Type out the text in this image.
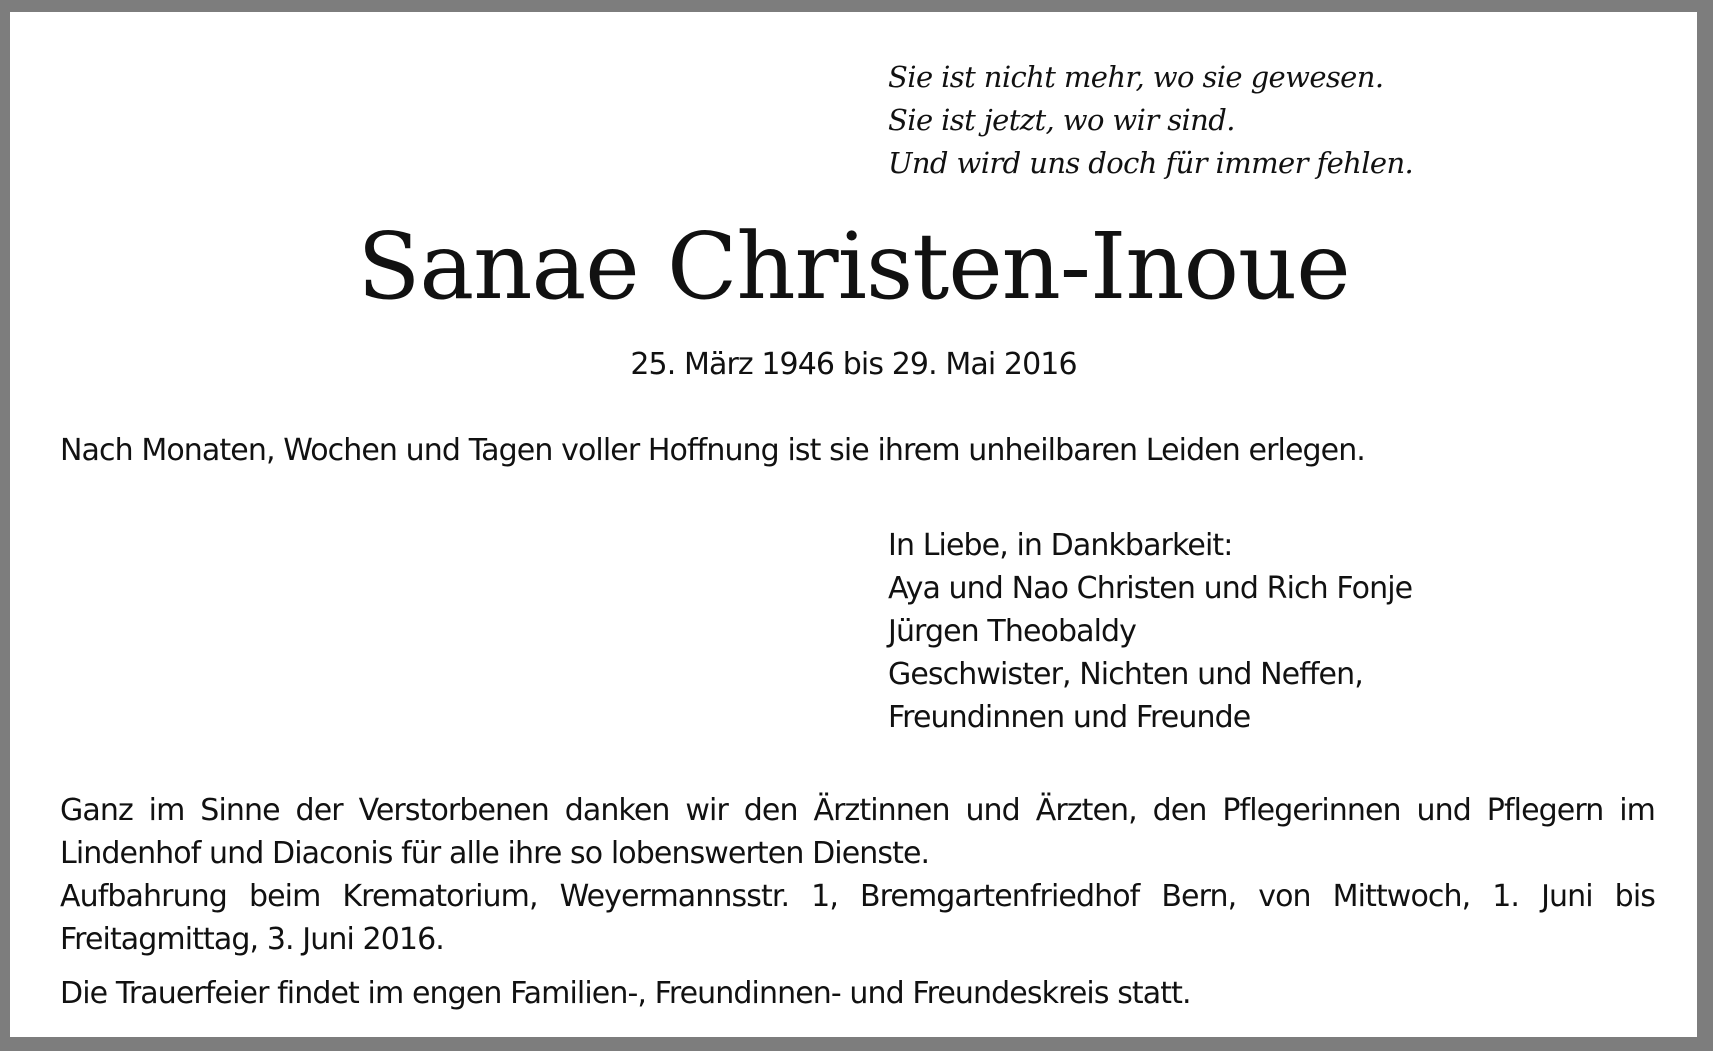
Sie ist nicht mehr, wo sie gewesen.
Sie ist jetzt, wo wir sind.
Und wird uns doch für immer fehlen.
Sanae Christen-Inoue
25. März 1946 bis 29. Mai 2016
Nach Monaten, Wochen und Tagen voller Hoffnung ist sie ihrem unheilbaren Leiden erlegen.
In Liebe, in Dankbarkeit:
Aya und Nao Christen und Rich Fonje
Jürgen Theobaldy
Geschwister, Nichten und Neffen,
Freundinnen und Freunde
Ganz im Sinne der Verstorbenen danken wir den Ärztinnen und Ärzten, den Pflegerinnen und Pflegern im Lindenhof und Diaconis für alle ihre so lobenswerten Dienste.
Aufbahrung beim Krematorium, Weyermannsstr. 1, Bremgartenfriedhof Bern, von Mittwoch, 1. Juni bis Freitagmittag, 3. Juni 2016.
Die Trauerfeier findet im engen Familien-, Freundinnen- und Freundeskreis statt.
